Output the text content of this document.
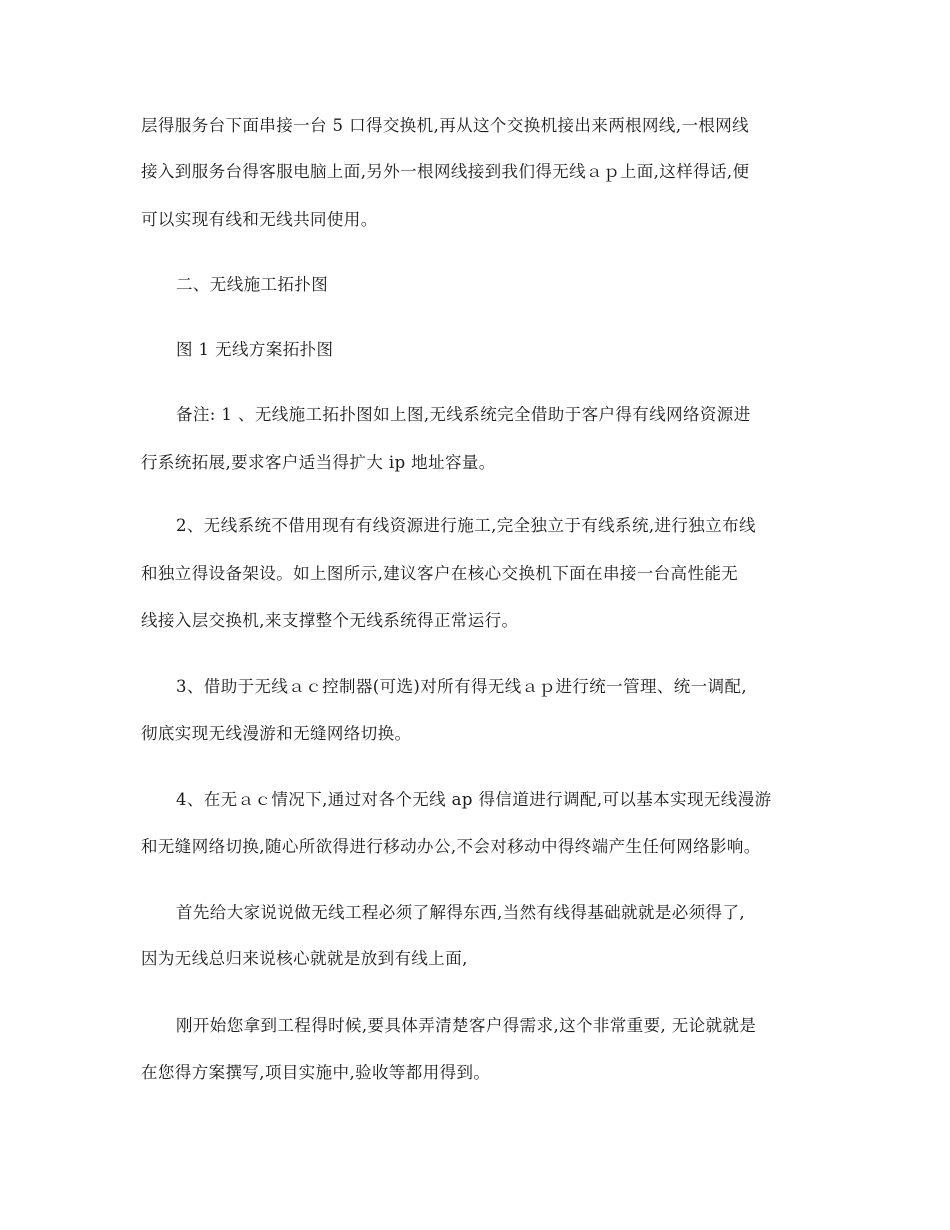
层得服务台下面串接一台 5 口得交换机,再从这个交换机接出来两根网线,一根网线
接入到服务台得客服电脑上面,另外一根网线接到我们得无线ａｐ上面,这样得话,便
可以实现有线和无线共同使用。
二、无线施工拓扑图
图 1 无线方案拓扑图
备注: 1 、无线施工拓扑图如上图,无线系统完全借助于客户得有线网络资源进
行系统拓展,要求客户适当得扩大 ip 地址容量。
2、无线系统不借用现有有线资源进行施工,完全独立于有线系统,进行独立布线
和独立得设备架设。如上图所示,建议客户在核心交换机下面在串接一台高性能无
线接入层交换机,来支撑整个无线系统得正常运行。
3、借助于无线ａｃ控制器(可选)对所有得无线ａｐ进行统一管理、统一调配,
彻底实现无线漫游和无缝网络切换。
4、在无ａｃ情况下,通过对各个无线 ap 得信道进行调配,可以基本实现无线漫游
和无缝网络切换,随心所欲得进行移动办公,不会对移动中得终端产生任何网络影响。
首先给大家说说做无线工程必须了解得东西,当然有线得基础就就是必须得了,
因为无线总归来说核心就就是放到有线上面,
刚开始您拿到工程得时候,要具体弄清楚客户得需求,这个非常重要, 无论就就是
在您得方案撰写,项目实施中,验收等都用得到。
